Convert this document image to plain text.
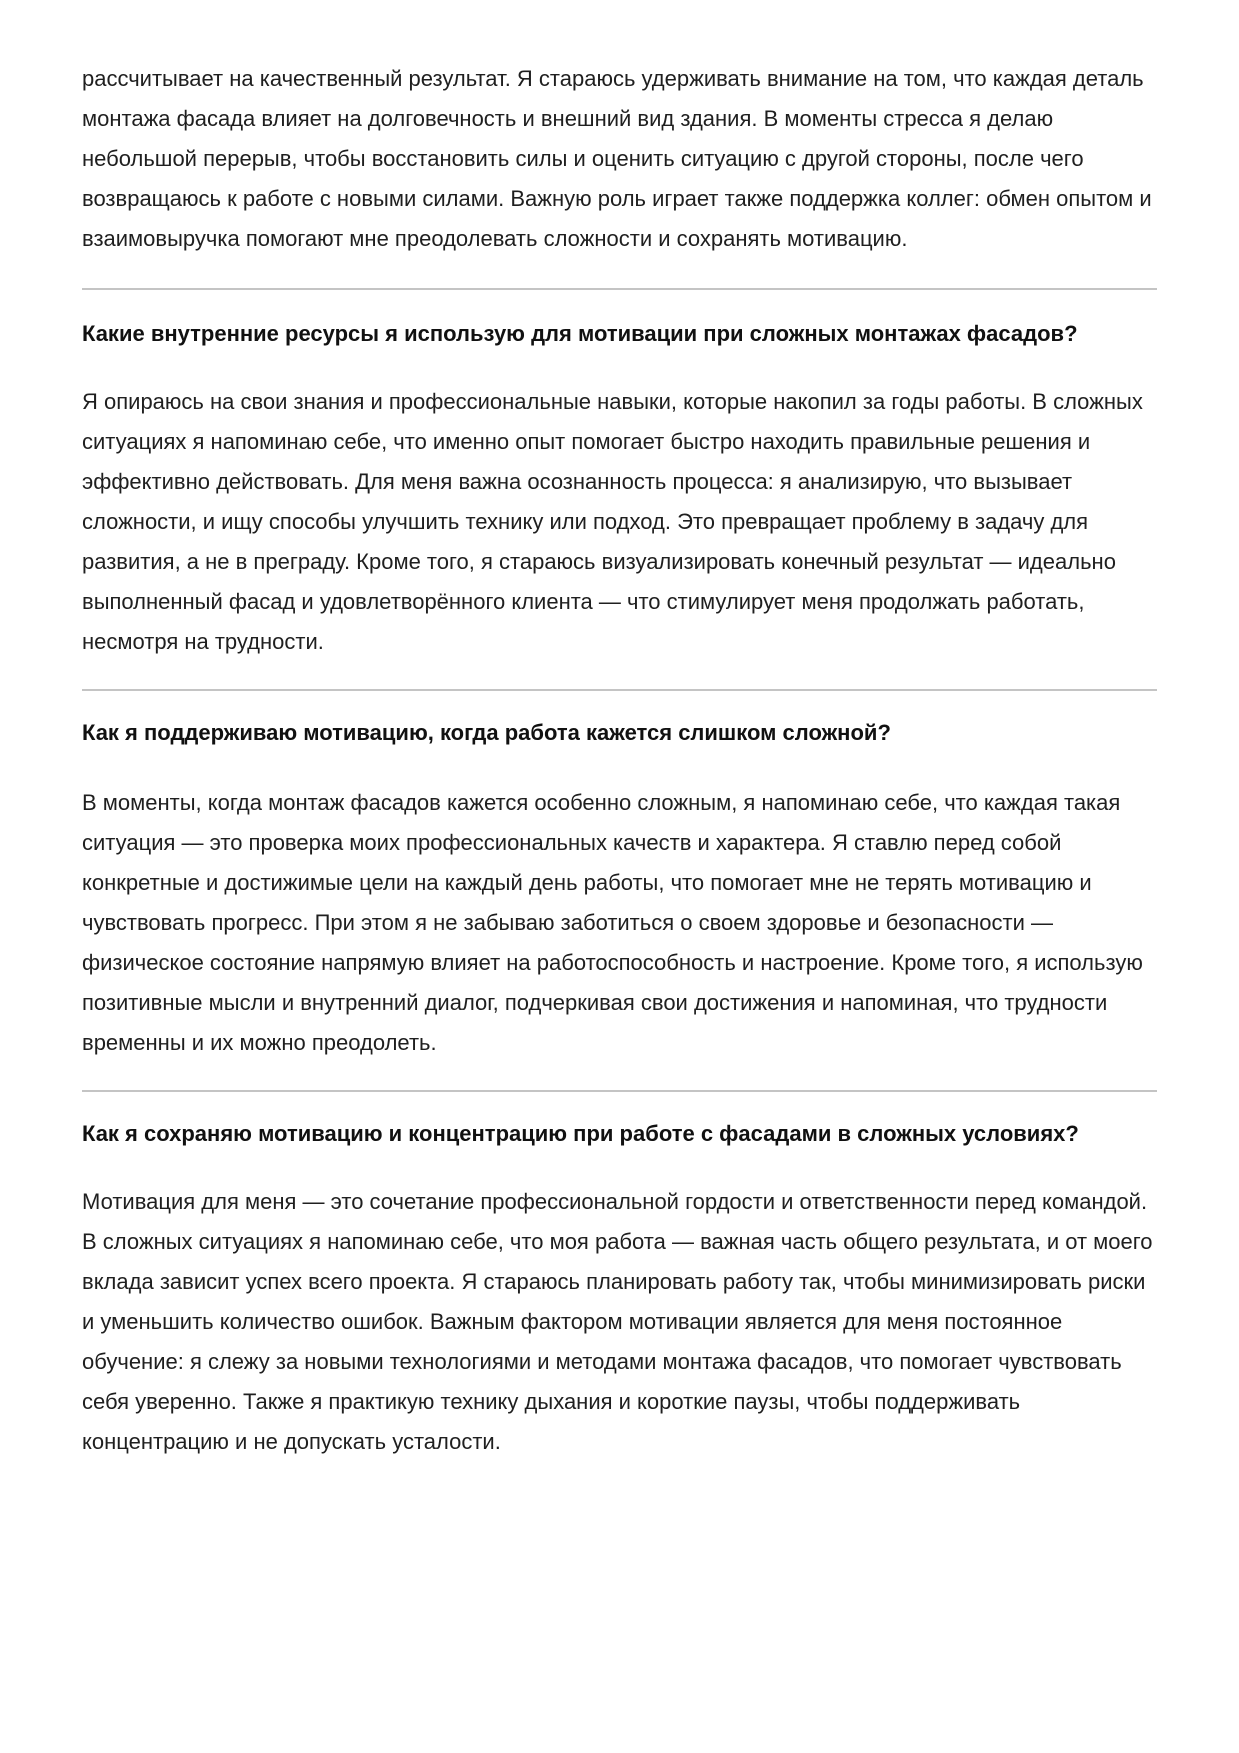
рассчитывает на качественный результат. Я стараюсь удерживать внимание на том, что каждая деталь монтажа фасада влияет на долговечность и внешний вид здания. В моменты стресса я делаю небольшой перерыв, чтобы восстановить силы и оценить ситуацию с другой стороны, после чего возвращаюсь к работе с новыми силами. Важную роль играет также поддержка коллег: обмен опытом и взаимовыручка помогают мне преодолевать сложности и сохранять мотивацию.

Какие внутренние ресурсы я использую для мотивации при сложных монтажах фасадов?

Я опираюсь на свои знания и профессиональные навыки, которые накопил за годы работы. В сложных ситуациях я напоминаю себе, что именно опыт помогает быстро находить правильные решения и эффективно действовать. Для меня важна осознанность процесса: я анализирую, что вызывает сложности, и ищу способы улучшить технику или подход. Это превращает проблему в задачу для развития, а не в преграду. Кроме того, я стараюсь визуализировать конечный результат — идеально выполненный фасад и удовлетворённого клиента — что стимулирует меня продолжать работать, несмотря на трудности.

Как я поддерживаю мотивацию, когда работа кажется слишком сложной?

В моменты, когда монтаж фасадов кажется особенно сложным, я напоминаю себе, что каждая такая ситуация — это проверка моих профессиональных качеств и характера. Я ставлю перед собой конкретные и достижимые цели на каждый день работы, что помогает мне не терять мотивацию и чувствовать прогресс. При этом я не забываю заботиться о своем здоровье и безопасности — физическое состояние напрямую влияет на работоспособность и настроение. Кроме того, я использую позитивные мысли и внутренний диалог, подчеркивая свои достижения и напоминая, что трудности временны и их можно преодолеть.

Как я сохраняю мотивацию и концентрацию при работе с фасадами в сложных условиях?

Мотивация для меня — это сочетание профессиональной гордости и ответственности перед командой. В сложных ситуациях я напоминаю себе, что моя работа — важная часть общего результата, и от моего вклада зависит успех всего проекта. Я стараюсь планировать работу так, чтобы минимизировать риски и уменьшить количество ошибок. Важным фактором мотивации является для меня постоянное обучение: я слежу за новыми технологиями и методами монтажа фасадов, что помогает чувствовать себя уверенно. Также я практикую технику дыхания и короткие паузы, чтобы поддерживать концентрацию и не допускать усталости.
